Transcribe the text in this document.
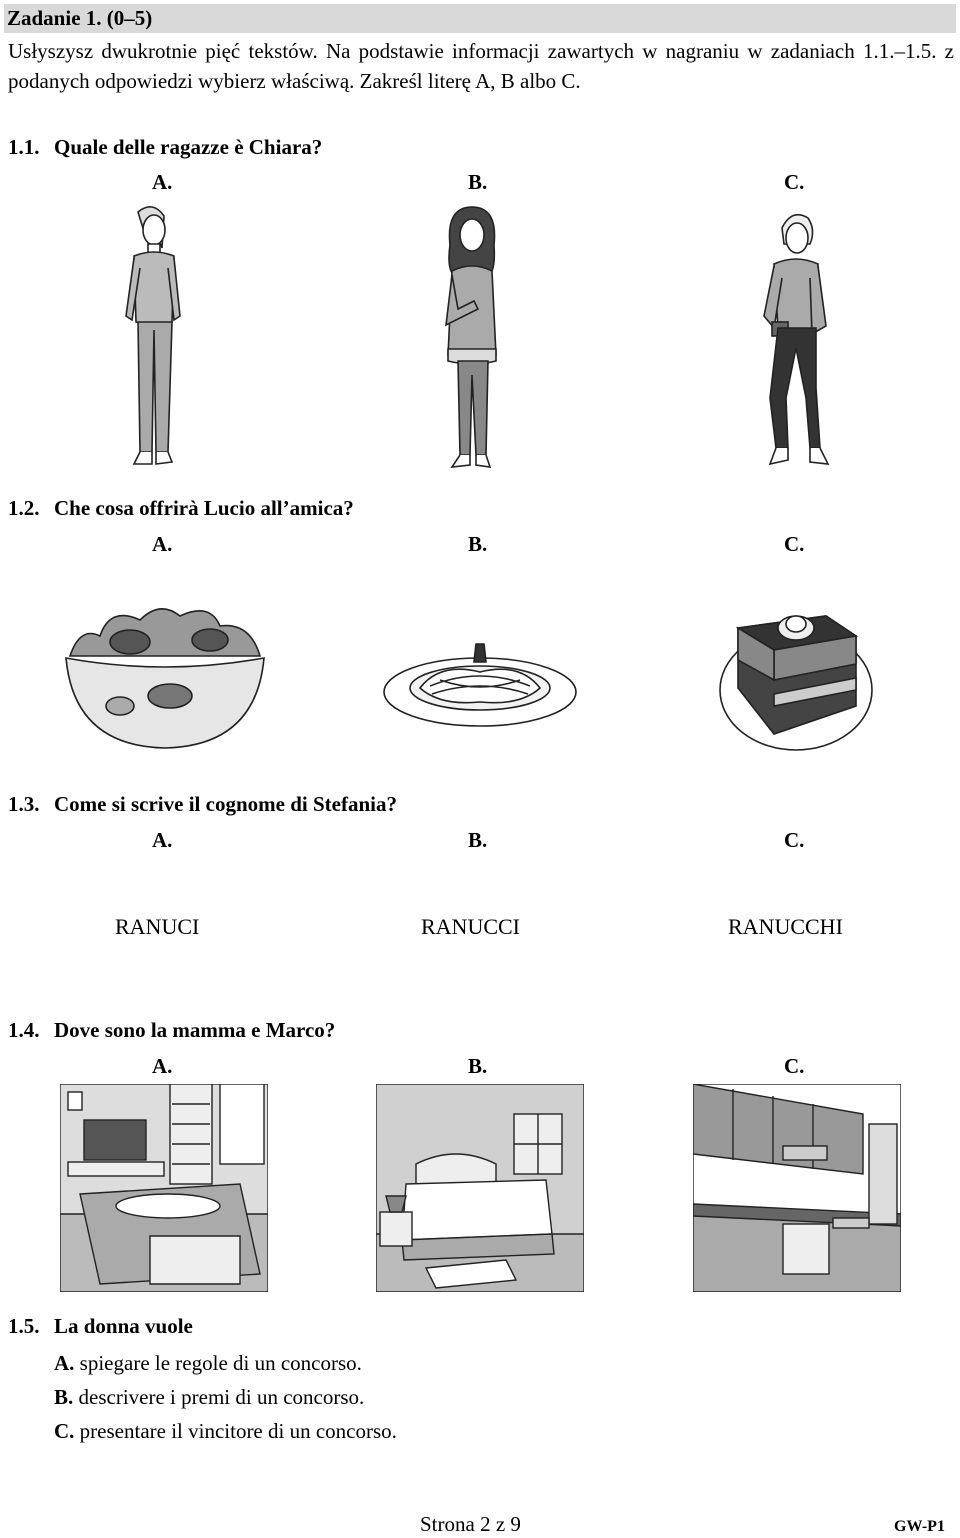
Zadanie 1. (0–5)
Usłyszysz dwukrotnie pięć tekstów. Na podstawie informacji zawartych w nagraniu w zadaniach 1.1.–1.5. z podanych odpowiedzi wybierz właściwą. Zakreśl literę A, B albo C.
1.1. Quale delle ragazze è Chiara?
A.	B.	C.
1.2. Che cosa offrirà Lucio all’amica?
A.	B.	C.
1.3. Come si scrive il cognome di Stefania?
A.	B.	C.
RANUCI	RANUCCI	RANUCCHI
1.4. Dove sono la mamma e Marco?
A.	B.	C.
1.5. La donna vuole
A. spiegare le regole di un concorso.
B. descrivere i premi di un concorso.
C. presentare il vincitore di un concorso.
Strona 2 z 9	GW-P1
